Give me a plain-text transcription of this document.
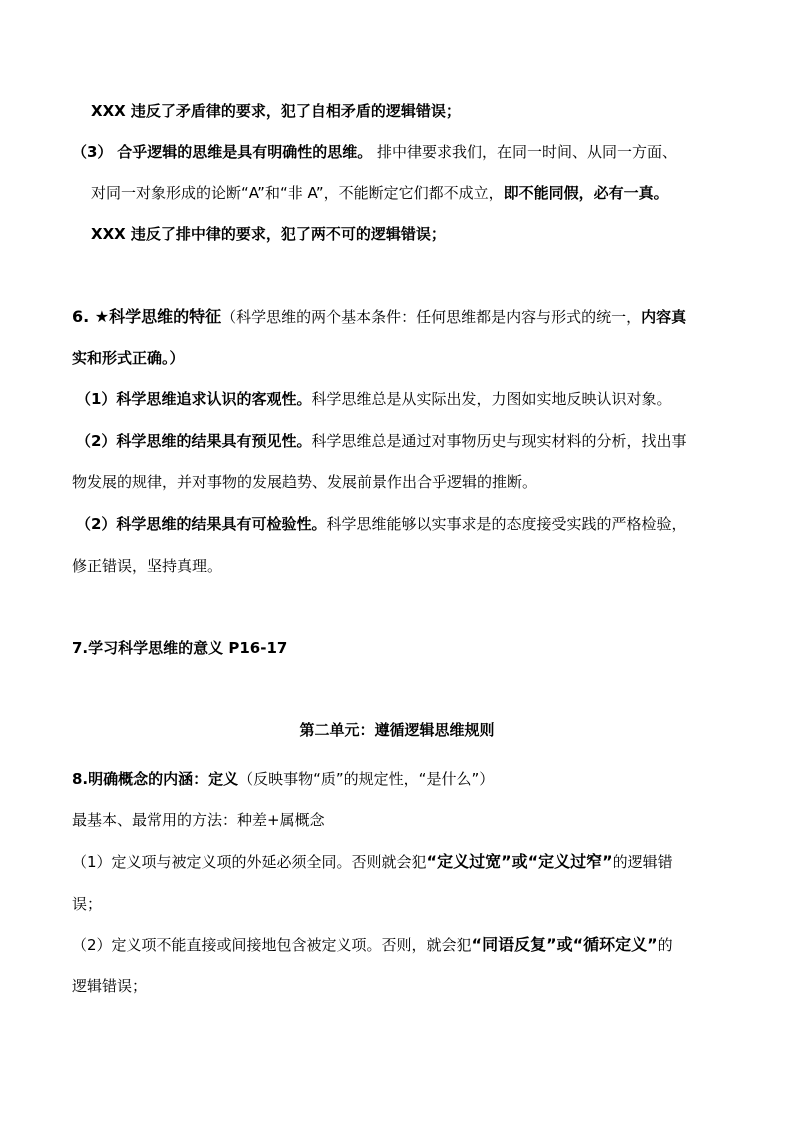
XXX 违反了矛盾律的要求，犯了自相矛盾的逻辑错误；
（3） 合乎逻辑的思维是具有明确性的思维。 排中律要求我们，在同一时间、从同一方面、
对同一对象形成的论断“A”和“非 A”，不能断定它们都不成立，即不能同假，必有一真。
XXX 违反了排中律的要求，犯了两不可的逻辑错误；
6. ★科学思维的特征（科学思维的两个基本条件：任何思维都是内容与形式的统一，内容真
实和形式正确。）
（1）科学思维追求认识的客观性。科学思维总是从实际出发，力图如实地反映认识对象。
（2）科学思维的结果具有预见性。科学思维总是通过对事物历史与现实材料的分析，找出事
物发展的规律，并对事物的发展趋势、发展前景作出合乎逻辑的推断。
（2）科学思维的结果具有可检验性。科学思维能够以实事求是的态度接受实践的严格检验，
修正错误，坚持真理。
7.学习科学思维的意义 P16-17
第二单元：遵循逻辑思维规则
8.明确概念的内涵：定义（反映事物“质”的规定性，“是什么”）
最基本、最常用的方法：种差+属概念
（1）定义项与被定义项的外延必须全同。否则就会犯“定义过宽”或“定义过窄”的逻辑错
误；
（2）定义项不能直接或间接地包含被定义项。否则，就会犯“同语反复”或“循环定义”的
逻辑错误；
